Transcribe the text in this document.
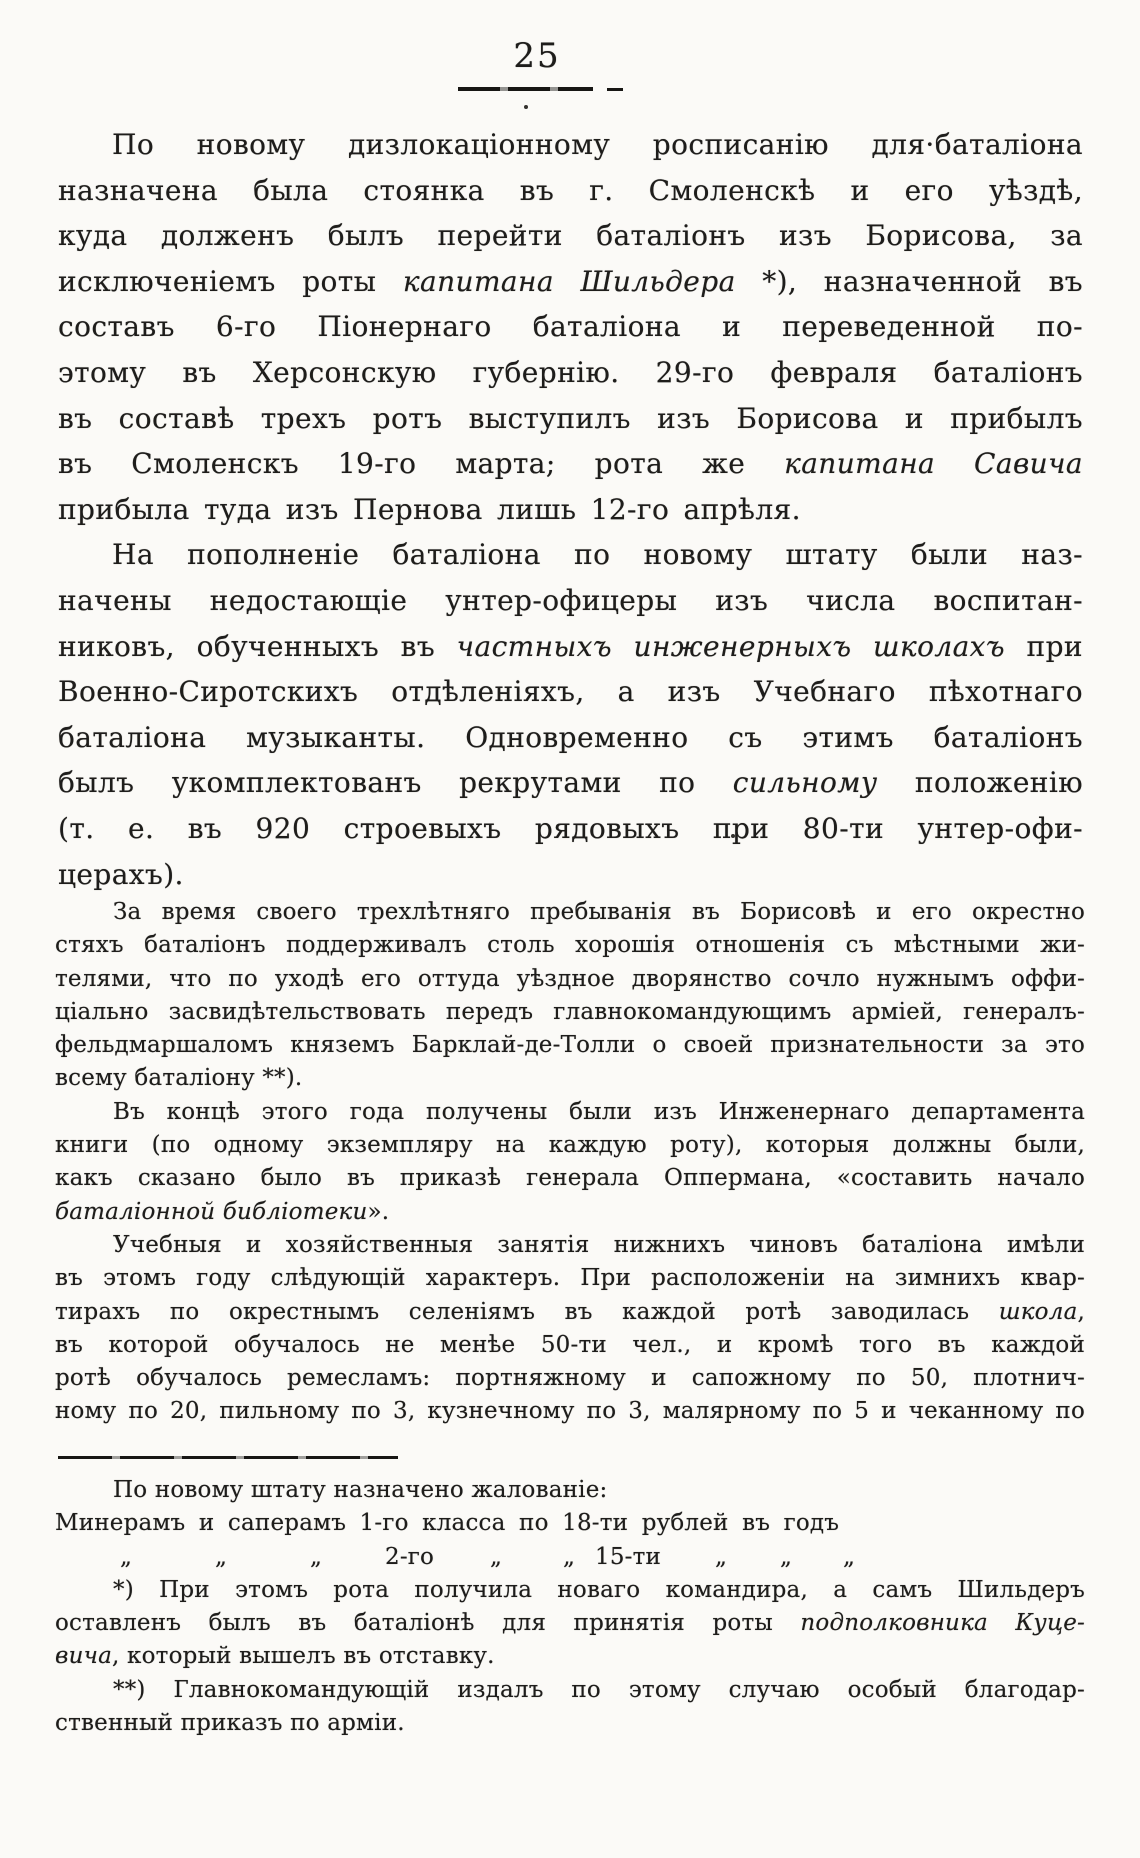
25
По новому дизлокаціонному росписанію для·баталіона
назначена была стоянка въ г. Смоленскѣ и его уѣздѣ,
куда долженъ былъ перейти баталіонъ изъ Борисова, за
исключеніемъ роты капитана Шильдера *), назначенной въ
составъ 6-го Піонернаго баталіона и переведенной по-
этому въ Херсонскую губернію. 29-го февраля баталіонъ
въ составѣ трехъ ротъ выступилъ изъ Борисова и прибылъ
въ Смоленскъ 19-го марта; рота же капитана Савича
прибыла туда изъ Пернова лишь 12-го апрѣля.
На пополненіе баталіона по новому штату были наз-
начены недостающіе унтер-офицеры изъ числа воспитан-
никовъ, обученныхъ въ частныхъ инженерныхъ школахъ при
Военно-Сиротскихъ отдѣленіяхъ, а изъ Учебнаго пѣхотнаго
баталіона музыканты. Одновременно съ этимъ баталіонъ
былъ укомплектованъ рекрутами по сильному положенію
(т. е. въ 920 строевыхъ рядовыхъ при 80-ти унтер-офи-
церахъ).
За время своего трехлѣтняго пребыванія въ Борисовѣ и его окрестно
стяхъ баталіонъ поддерживалъ столь хорошія отношенія съ мѣстными жи-
телями, что по уходѣ его оттуда уѣздное дворянство сочло нужнымъ оффи-
ціально засвидѣтельствовать передъ главнокомандующимъ арміей, генералъ-
фельдмаршаломъ княземъ Барклай-де-Толли о своей признательности за это
всему баталіону **).
Въ концѣ этого года получены были изъ Инженернаго департамента
книги (по одному экземпляру на каждую роту), которыя должны были,
какъ сказано было въ приказѣ генерала Оппермана, «составить начало
баталіонной библіотеки».
Учебныя и хозяйственныя занятія нижнихъ чиновъ баталіона имѣли
въ этомъ году слѣдующій характеръ. При расположеніи на зимнихъ квар-
тирахъ по окрестнымъ селеніямъ въ каждой ротѣ заводилась школа,
въ которой обучалось не менѣе 50-ти чел., и кромѣ того въ каждой
ротѣ обучалось ремесламъ: портняжному и сапожному по 50, плотнич-
ному по 20, пильному по 3, кузнечному по 3, малярному по 5 и чеканному по
По новому штату назначено жалованіе:
Минерамъ и саперамъ 1-го класса по 18-ти рублей въ годъ
„	„	„	2-го „	„ 15-ти „ „ „
*) При этомъ рота получила новаго командира, а самъ Шильдеръ
оставленъ былъ въ баталіонѣ для принятія роты подполковника Куце-
вича, который вышелъ въ отставку.
**) Главнокомандующій издалъ по этому случаю особый благодар-
ственный приказъ по арміи.
